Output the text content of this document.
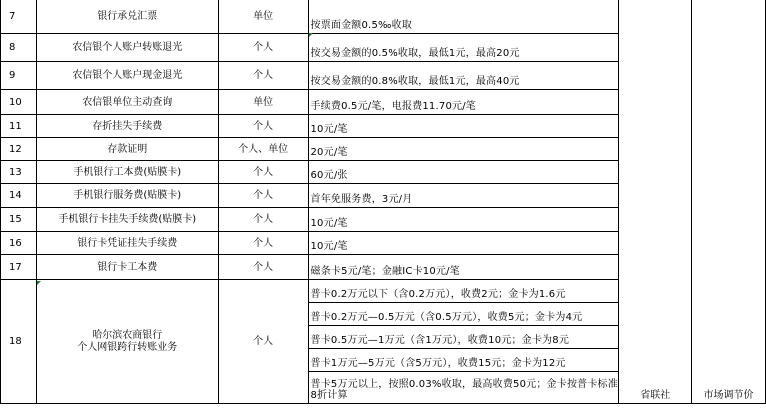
7	银行承兑汇票	单位	按票面金额0.5‰收取	省联社	市场调节价
8	农信银个人账户转账退光	个人	按交易金额的0.5%收取，最低1元，最高20元		
9	农信银个人账户现金退光	个人	按交易金额的0.8%收取，最低1元，最高40元		
10	农信银单位主动查询	单位	手续费0.5元/笔，电报费11.70元/笔		
11	存折挂失手续费	个人	10元/笔		
12	存款证明	个人、单位	20元/笔		
13	手机银行工本费(贴膜卡)	个人	60元/张		
14	手机银行服务费(贴膜卡)	个人	首年免服务费，3元/月		
15	手机银行卡挂失手续费(贴膜卡)	个人	10元/笔		
16	银行卡凭证挂失手续费	个人	10元/笔		
17	银行卡工本费	个人	磁条卡5元/笔；金融IC卡10元/笔		
18	哈尔滨农商银行
个人网银跨行转账业务	个人	普卡0.2万元以下（含0.2万元），收费2元；金卡为1.6元		
			普卡0.2万元—0.5万元（含0.5万元），收费5元；金卡为4元		
			普卡0.5万元—1万元（含1万元），收费10元；金卡为8元		
			普卡1万元—5万元（含5万元），收费15元；金卡为12元		
			普卡5万元以上，按照0.03%收取，最高收费50元；金卡按普卡标准8折计算		
